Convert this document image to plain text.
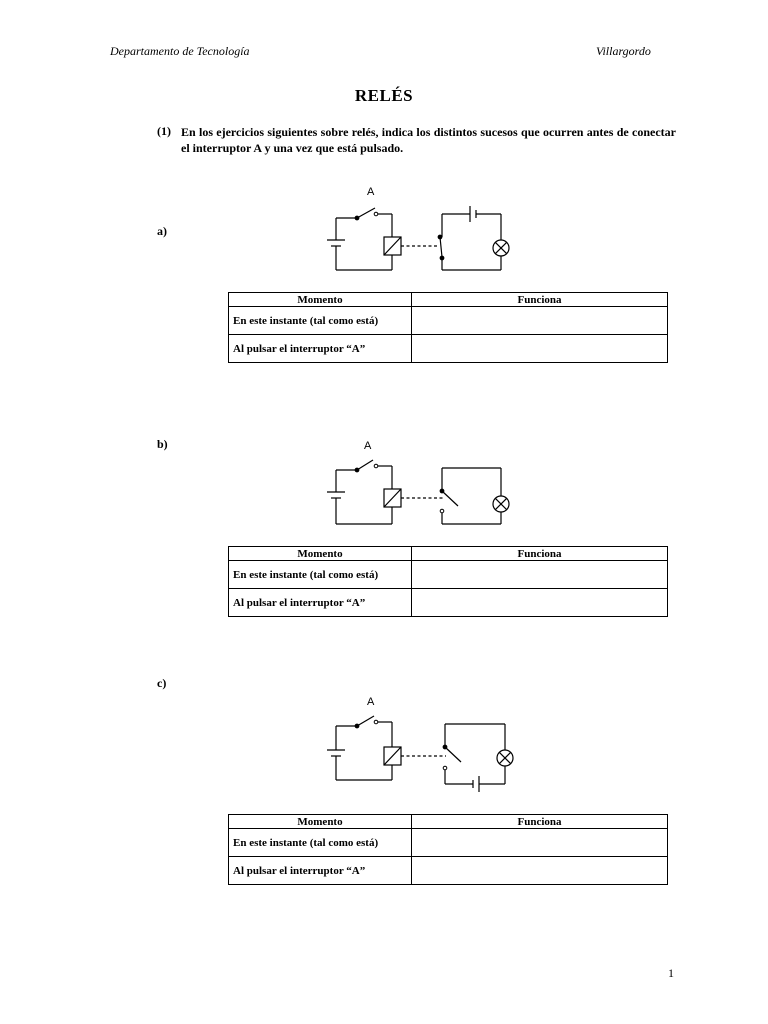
Departamento de Tecnología	Villargordo
RELÉS
(1) En los ejercicios siguientes sobre relés, indica los distintos sucesos que ocurren antes de conectar el interruptor A y una vez que está pulsado.
a)
A
Momento	Funciona
En este instante (tal como está)	
Al pulsar el interruptor “A”	
b)	A
Momento	Funciona
En este instante (tal como está)	
Al pulsar el interruptor “A”	
c)
A
Momento	Funciona
En este instante (tal como está)	
Al pulsar el interruptor “A”	
1
